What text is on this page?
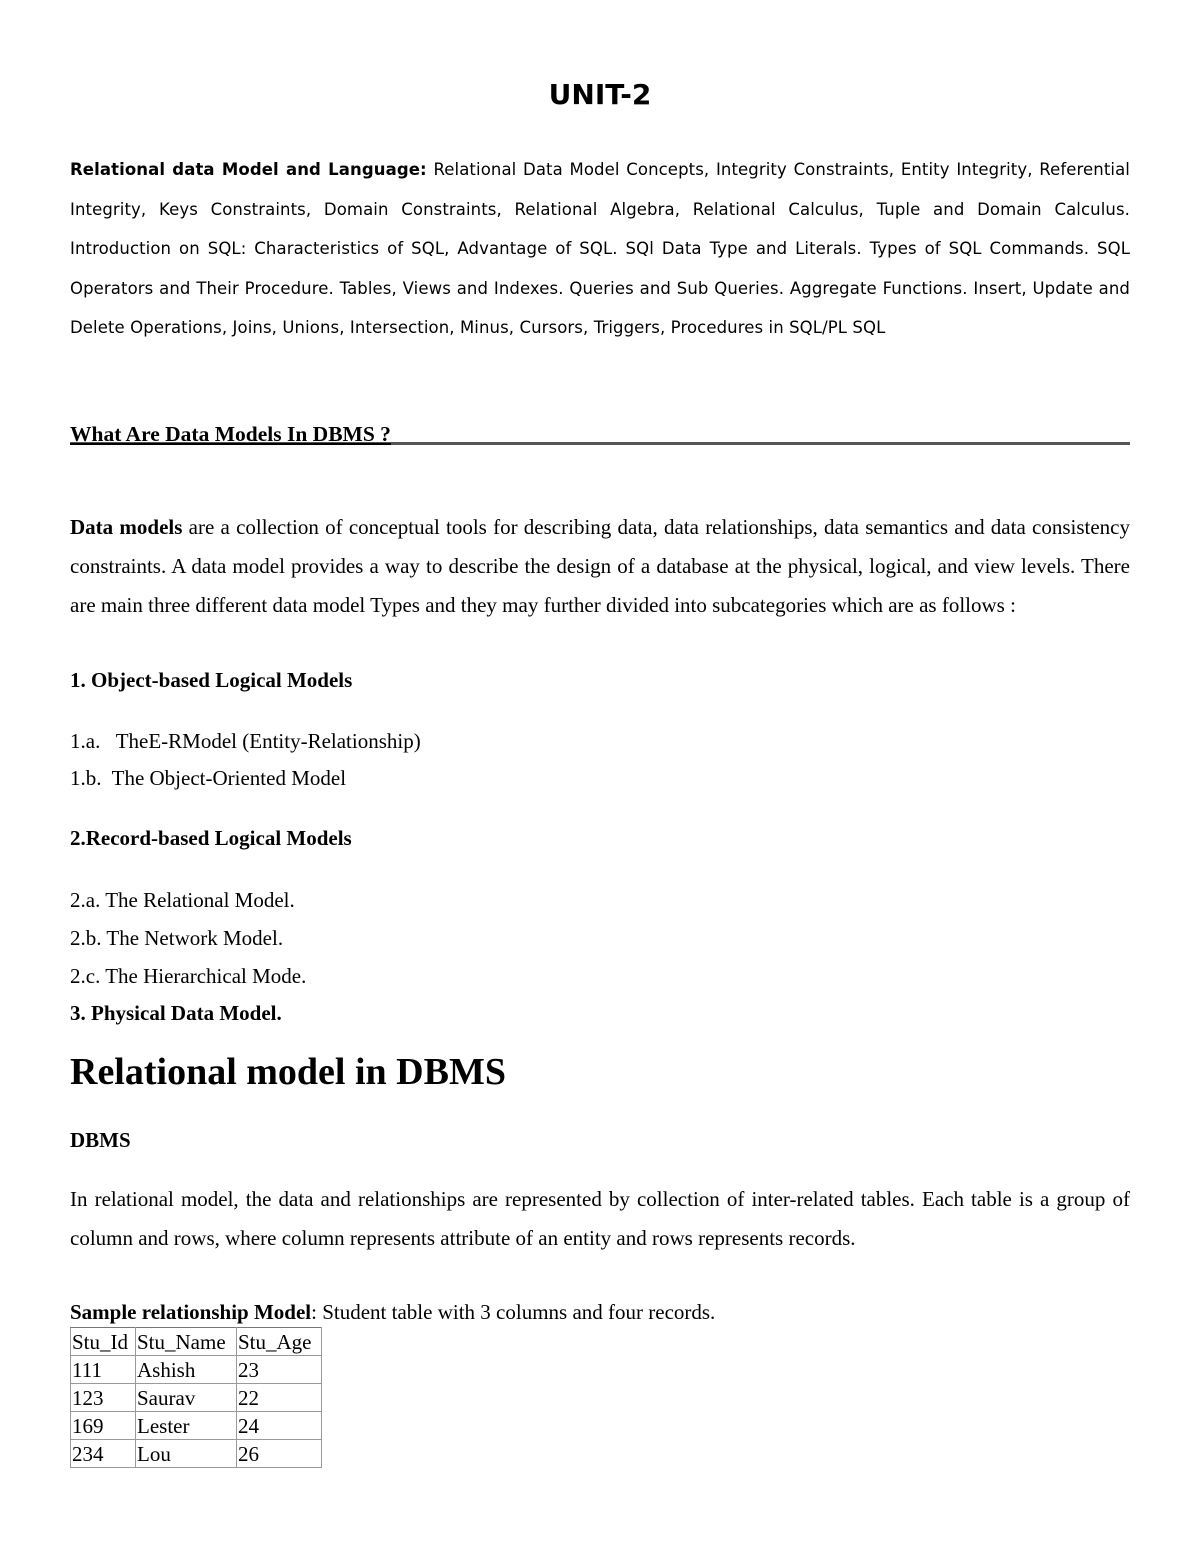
UNIT-2
Relational data Model and Language: Relational Data Model Concepts, Integrity Constraints, Entity Integrity, Referential Integrity, Keys Constraints, Domain Constraints, Relational Algebra, Relational Calculus, Tuple and Domain Calculus. Introduction on SQL: Characteristics of SQL, Advantage of SQL. SQl Data Type and Literals. Types of SQL Commands. SQL Operators and Their Procedure. Tables, Views and Indexes. Queries and Sub Queries. Aggregate Functions. Insert, Update and Delete Operations, Joins, Unions, Intersection, Minus, Cursors, Triggers, Procedures in SQL/PL SQL
What Are Data Models In DBMS ?
Data models are a collection of conceptual tools for describing data, data relationships, data semantics and data consistency constraints. A data model provides a way to describe the design of a database at the physical, logical, and view levels. There are main three different data model Types and they may further divided into subcategories which are as follows :
1. Object-based Logical Models
1.a.   TheE-RModel (Entity-Relationship)
1.b.  The Object-Oriented Model
2.Record-based Logical Models
2.a. The Relational Model.
2.b. The Network Model.
2.c. The Hierarchical Mode.
3. Physical Data Model.
Relational model in DBMS
DBMS
In relational model, the data and relationships are represented by collection of inter-related tables. Each table is a group of column and rows, where column represents attribute of an entity and rows represents records.
Sample relationship Model: Student table with 3 columns and four records.
Stu_Id	Stu_Name	Stu_Age
111	Ashish	23
123	Saurav	22
169	Lester	24
234	Lou	26
